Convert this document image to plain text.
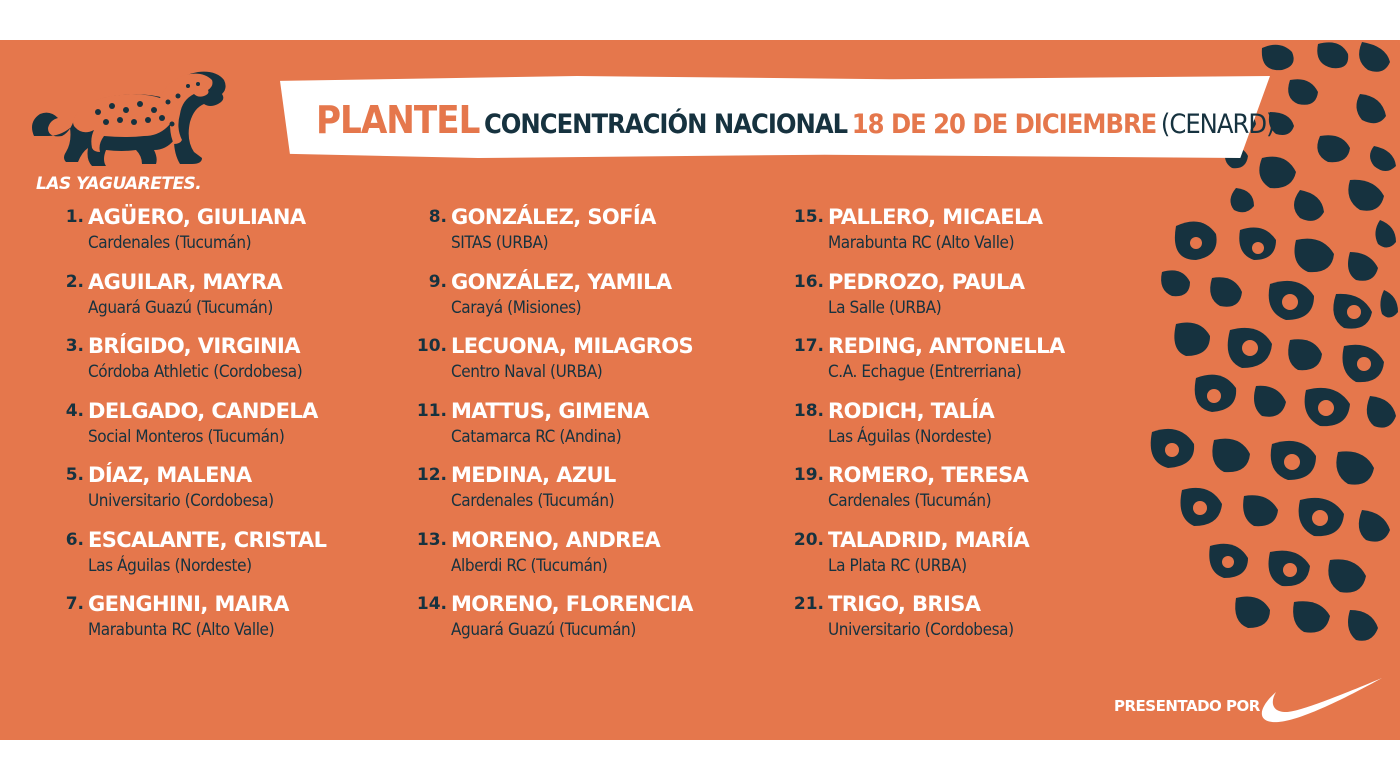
LAS YAGUARETES.
PLANTEL CONCENTRACIÓN NACIONAL 18 DE 20 DE DICIEMBRE (CENARD)
1. AGÜERO, GIULIANA
Cardenales (Tucumán)
2. AGUILAR, MAYRA
Aguará Guazú (Tucumán)
3. BRÍGIDO, VIRGINIA
Córdoba Athletic (Cordobesa)
4. DELGADO, CANDELA
Social Monteros (Tucumán)
5. DÍAZ, MALENA
Universitario (Cordobesa)
6. ESCALANTE, CRISTAL
Las Águilas (Nordeste)
7. GENGHINI, MAIRA
Marabunta RC (Alto Valle)
8. GONZÁLEZ, SOFÍA
SITAS (URBA)
9. GONZÁLEZ, YAMILA
Carayá (Misiones)
10. LECUONA, MILAGROS
Centro Naval (URBA)
11. MATTUS, GIMENA
Catamarca RC (Andina)
12. MEDINA, AZUL
Cardenales (Tucumán)
13. MORENO, ANDREA
Alberdi RC (Tucumán)
14. MORENO, FLORENCIA
Aguará Guazú (Tucumán)
15. PALLERO, MICAELA
Marabunta RC (Alto Valle)
16. PEDROZO, PAULA
La Salle (URBA)
17. REDING, ANTONELLA
C.A. Echague (Entrerriana)
18. RODICH, TALÍA
Las Águilas (Nordeste)
19. ROMERO, TERESA
Cardenales (Tucumán)
20. TALADRID, MARÍA
La Plata RC (URBA)
21. TRIGO, BRISA
Universitario (Cordobesa)
PRESENTADO POR
